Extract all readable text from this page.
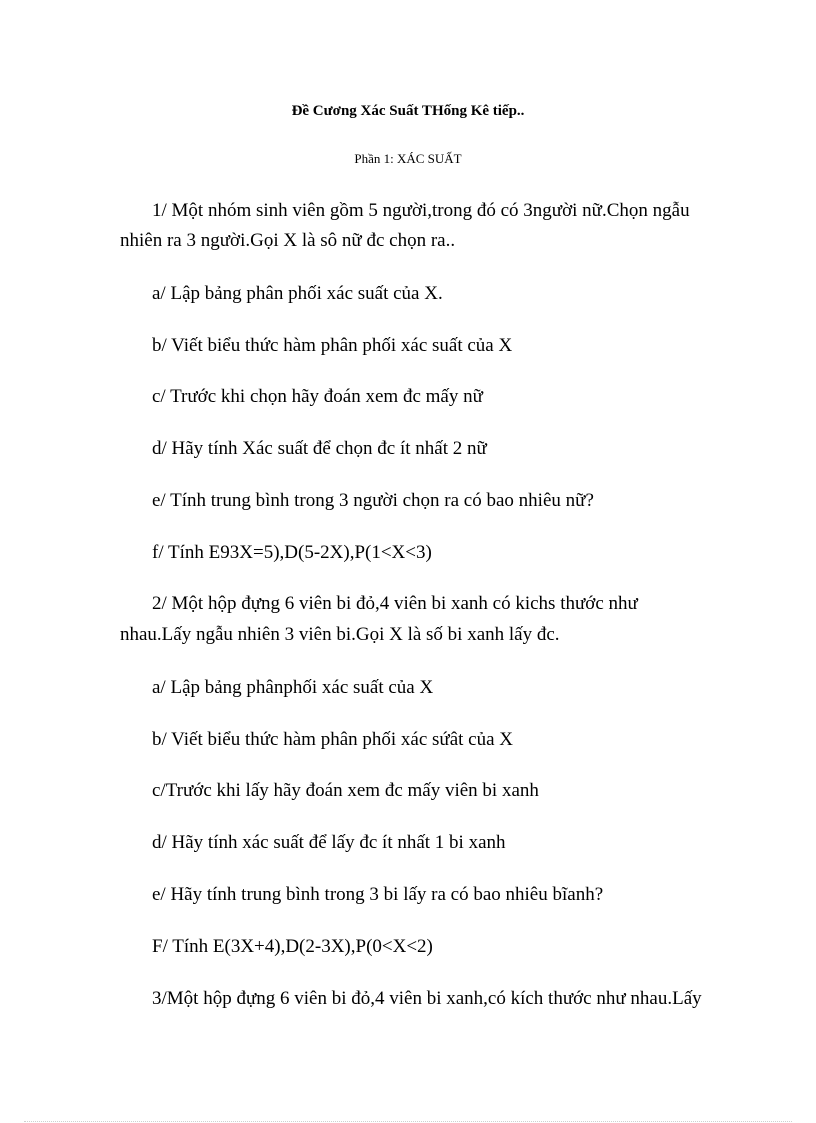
Đề Cương Xác Suất THống Kê tiếp..
Phần 1: XÁC SUẤT
1/ Một nhóm sinh viên gồm 5 người,trong đó có 3người nữ.Chọn ngẫu
nhiên ra 3 người.Gọi X là sô nữ đc chọn ra..
a/ Lập bảng phân phối xác suất của X.
b/ Viết biểu thức hàm phân phối xác suất của X
c/ Trước khi chọn hãy đoán xem đc mấy nữ
d/ Hãy tính Xác suất để chọn đc ít nhất 2 nữ
e/ Tính trung bình trong 3 người chọn ra có bao nhiêu nữ?
f/ Tính E93X=5),D(5-2X),P(1<X<3)
2/ Một hộp đựng 6 viên bi đỏ,4 viên bi xanh có kichs thước như
nhau.Lấy ngẫu nhiên 3 viên bi.Gọi X là số bi xanh lấy đc.
a/ Lập bảng phânphối xác suất của X
b/ Viết biểu thức hàm phân phối xác sứât của X
c/Trước khi lấy hãy đoán xem đc mấy viên bi xanh
d/ Hãy tính xác suất để lấy đc ít nhất 1 bi xanh
e/ Hãy tính trung bình trong 3 bi lấy ra có bao nhiêu bĩanh?
F/ Tính E(3X+4),D(2-3X),P(0<X<2)
3/Một hộp đựng 6 viên bi đỏ,4 viên bi xanh,có kích thước như nhau.Lấy
